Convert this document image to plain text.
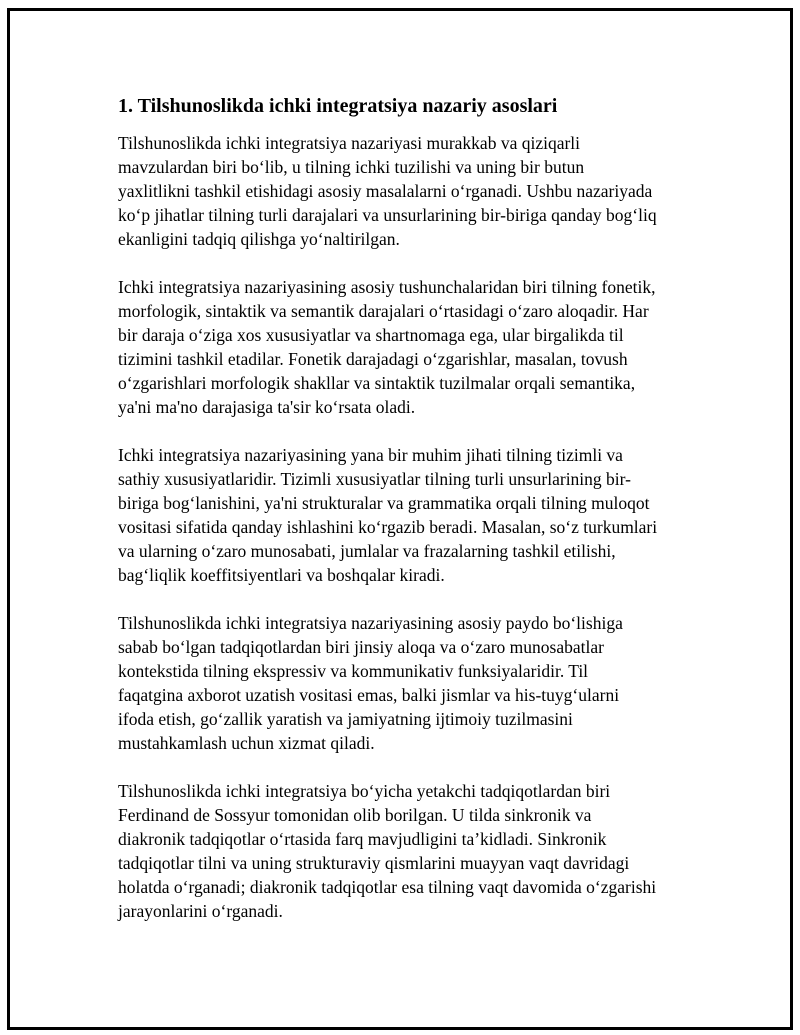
1. Tilshunoslikda ichki integratsiya nazariy asoslari

Tilshunoslikda ichki integratsiya nazariyasi murakkab va qiziqarli
mavzulardan biri bo‘lib, u tilning ichki tuzilishi va uning bir butun
yaxlitlikni tashkil etishidagi asosiy masalalarni o‘rganadi. Ushbu nazariyada
ko‘p jihatlar tilning turli darajalari va unsurlarining bir-biriga qanday bog‘liq
ekanligini tadqiq qilishga yo‘naltirilgan.

Ichki integratsiya nazariyasining asosiy tushunchalaridan biri tilning fonetik,
morfologik, sintaktik va semantik darajalari o‘rtasidagi o‘zaro aloqadir. Har
bir daraja o‘ziga xos xususiyatlar va shartnomaga ega, ular birgalikda til
tizimini tashkil etadilar. Fonetik darajadagi o‘zgarishlar, masalan, tovush
o‘zgarishlari morfologik shakllar va sintaktik tuzilmalar orqali semantika,
ya'ni ma'no darajasiga ta'sir ko‘rsata oladi.

Ichki integratsiya nazariyasining yana bir muhim jihati tilning tizimli va
sathiy xususiyatlaridir. Tizimli xususiyatlar tilning turli unsurlarining bir-
biriga bog‘lanishini, ya'ni strukturalar va grammatika orqali tilning muloqot
vositasi sifatida qanday ishlashini ko‘rgazib beradi. Masalan, so‘z turkumlari
va ularning o‘zaro munosabati, jumlalar va frazalarning tashkil etilishi,
bag‘liqlik koeffitsiyentlari va boshqalar kiradi.

Tilshunoslikda ichki integratsiya nazariyasining asosiy paydo bo‘lishiga
sabab bo‘lgan tadqiqotlardan biri jinsiy aloqa va o‘zaro munosabatlar
kontekstida tilning ekspressiv va kommunikativ funksiyalaridir. Til
faqatgina axborot uzatish vositasi emas, balki jismlar va his-tuyg‘ularni
ifoda etish, go‘zallik yaratish va jamiyatning ijtimoiy tuzilmasini
mustahkamlash uchun xizmat qiladi.

Tilshunoslikda ichki integratsiya bo‘yicha yetakchi tadqiqotlardan biri
Ferdinand de Sossyur tomonidan olib borilgan. U tilda sinkronik va
diakronik tadqiqotlar o‘rtasida farq mavjudligini ta’kidladi. Sinkronik
tadqiqotlar tilni va uning strukturaviy qismlarini muayyan vaqt davridagi
holatda o‘rganadi; diakronik tadqiqotlar esa tilning vaqt davomida o‘zgarishi
jarayonlarini o‘rganadi.
